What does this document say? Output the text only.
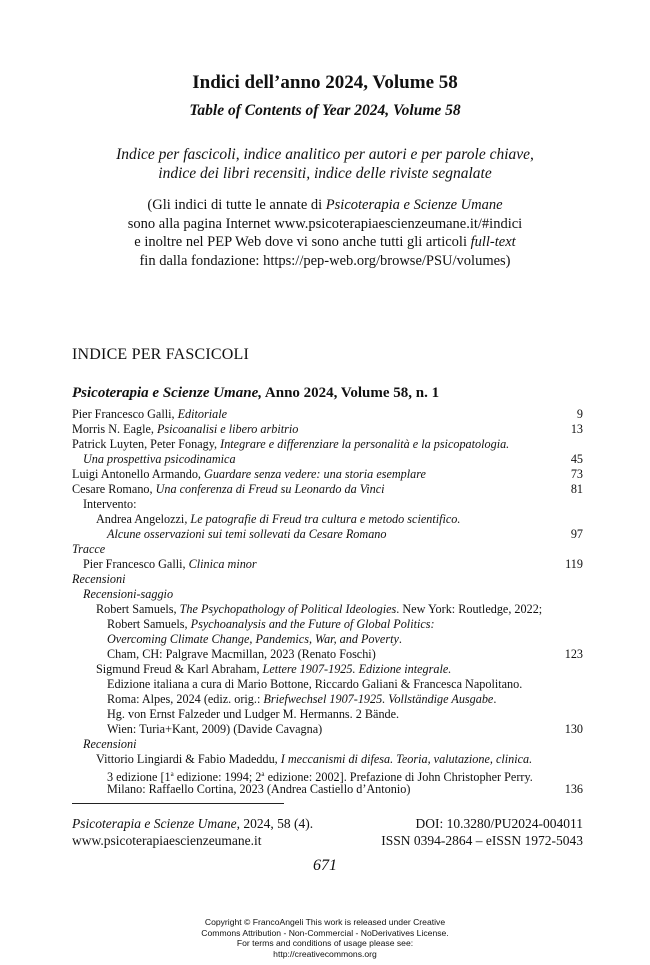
Indici dell’anno 2024, Volume 58
Table of Contents of Year 2024, Volume 58
Indice per fascicoli, indice analitico per autori e per parole chiave,
indice dei libri recensiti, indice delle riviste segnalate
(Gli indici di tutte le annate di Psicoterapia e Scienze Umane
sono alla pagina Internet www.psicoterapiaescienzeumane.it/#indici
e inoltre nel PEP Web dove vi sono anche tutti gli articoli full-text
fin dalla fondazione: https://pep-web.org/browse/PSU/volumes)
INDICE PER FASCICOLI
Psicoterapia e Scienze Umane, Anno 2024, Volume 58, n. 1
Pier Francesco Galli, Editoriale	9
Morris N. Eagle, Psicoanalisi e libero arbitrio	13
Patrick Luyten, Peter Fonagy, Integrare e differenziare la personalità e la psicopatologia.
Una prospettiva psicodinamica	45
Luigi Antonello Armando, Guardare senza vedere: una storia esemplare	73
Cesare Romano, Una conferenza di Freud su Leonardo da Vinci	81
Intervento:
Andrea Angelozzi, Le patografie di Freud tra cultura e metodo scientifico.
Alcune osservazioni sui temi sollevati da Cesare Romano	97
Tracce
Pier Francesco Galli, Clinica minor	119
Recensioni
Recensioni-saggio
Robert Samuels, The Psychopathology of Political Ideologies. New York: Routledge, 2022;
Robert Samuels, Psychoanalysis and the Future of Global Politics:
Overcoming Climate Change, Pandemics, War, and Poverty.
Cham, CH: Palgrave Macmillan, 2023 (Renato Foschi)	123
Sigmund Freud & Karl Abraham, Lettere 1907-1925. Edizione integrale.
Edizione italiana a cura di Mario Bottone, Riccardo Galiani & Francesca Napolitano.
Roma: Alpes, 2024 (ediz. orig.: Briefwechsel 1907-1925. Vollständige Ausgabe.
Hg. von Ernst Falzeder und Ludger M. Hermanns. 2 Bände.
Wien: Turia+Kant, 2009) (Davide Cavagna)	130
Recensioni
Vittorio Lingiardi & Fabio Madeddu, I meccanismi di difesa. Teoria, valutazione, clinica.
3 edizione [1$^a$ edizione: 1994; 2$^a$ edizione: 2002]. Prefazione di John Christopher Perry.
Milano: Raffaello Cortina, 2023 (Andrea Castiello d’Antonio)	136
Psicoterapia e Scienze Umane, 2024, 58 (4).	DOI: 10.3280/PU2024-004011
www.psicoterapiaescienzeumane.it	ISSN 0394-2864 – eISSN 1972-5043
671
Copyright © FrancoAngeli This work is released under Creative
Commons Attribution - Non-Commercial - NoDerivatives License.
For terms and conditions of usage please see:
http://creativecommons.org
